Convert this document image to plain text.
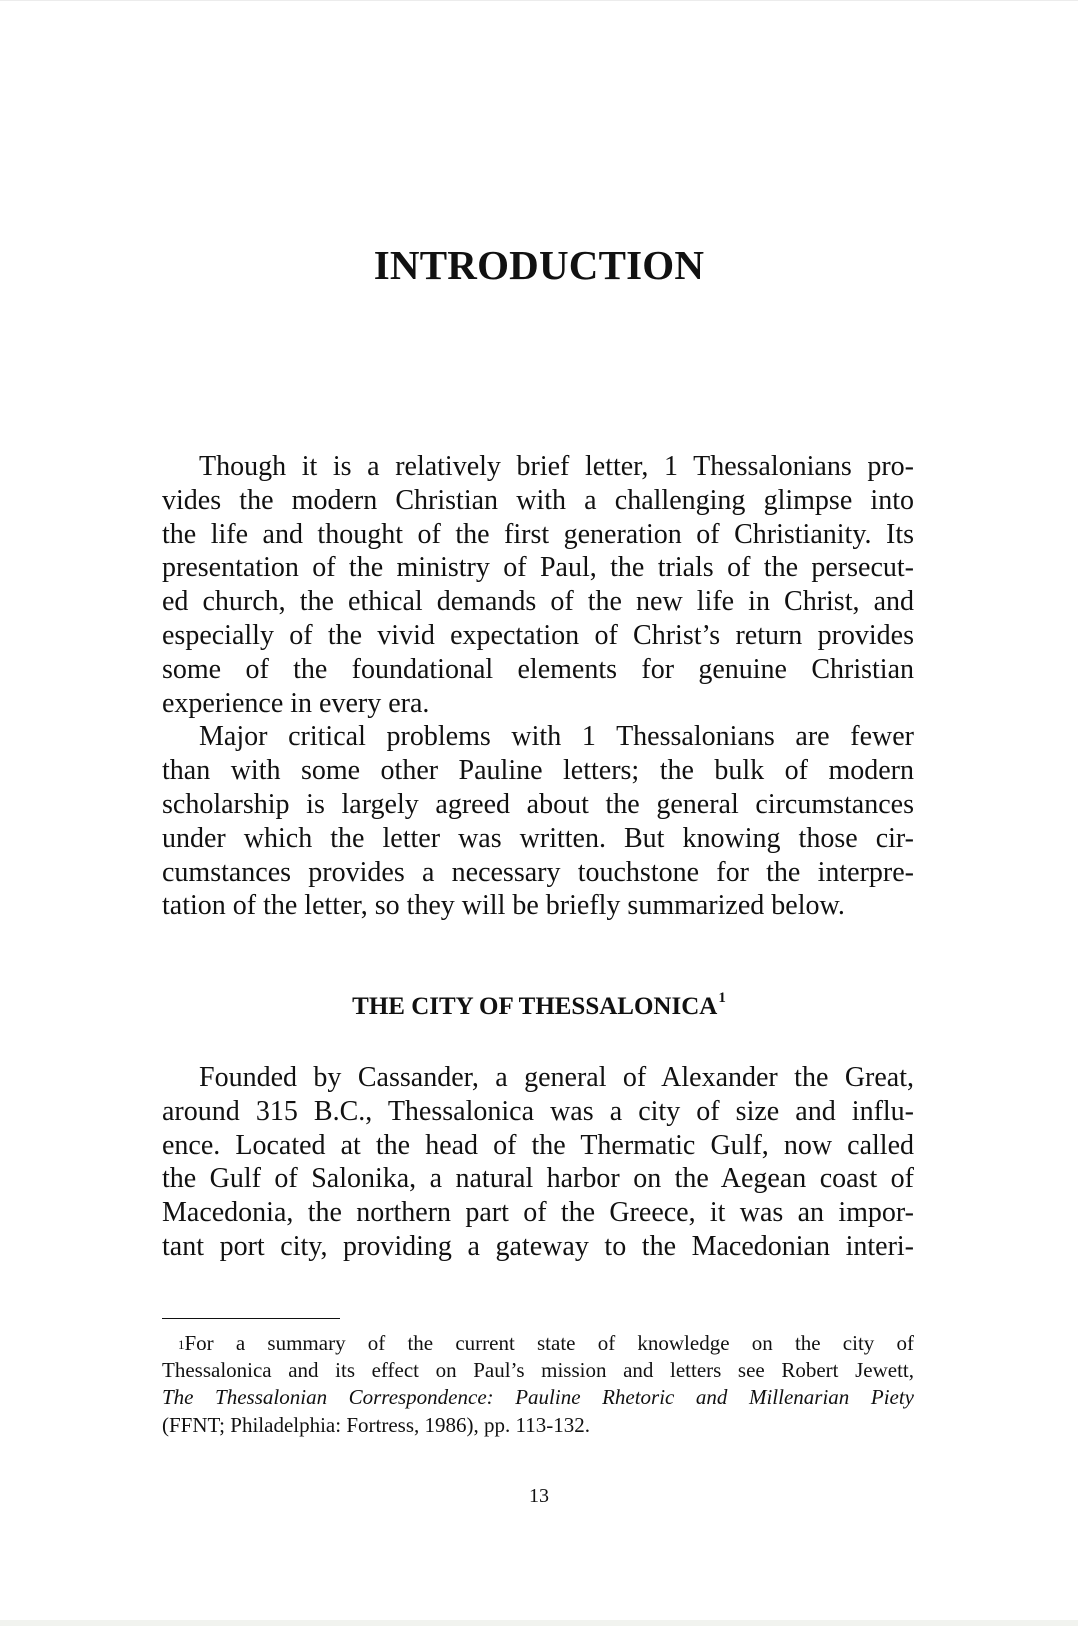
INTRODUCTION
Though it is a relatively brief letter, 1 Thessalonians pro-
vides the modern Christian with a challenging glimpse into
the life and thought of the first generation of Christianity. Its
presentation of the ministry of Paul, the trials of the persecut-
ed church, the ethical demands of the new life in Christ, and
especially of the vivid expectation of Christ’s return provides
some of the foundational elements for genuine Christian
experience in every era.
Major critical problems with 1 Thessalonians are fewer
than with some other Pauline letters; the bulk of modern
scholarship is largely agreed about the general circumstances
under which the letter was written. But knowing those cir-
cumstances provides a necessary touchstone for the interpre-
tation of the letter, so they will be briefly summarized below.
THE CITY OF THESSALONICA$^1$
Founded by Cassander, a general of Alexander the Great,
around 315 B.C., Thessalonica was a city of size and influ-
ence. Located at the head of the Thermatic Gulf, now called
the Gulf of Salonika, a natural harbor on the Aegean coast of
Macedonia, the northern part of the Greece, it was an impor-
tant port city, providing a gateway to the Macedonian interi-
$^1$For a summary of the current state of knowledge on the city of
Thessalonica and its effect on Paul’s mission and letters see Robert Jewett,
The Thessalonian Correspondence: Pauline Rhetoric and Millenarian Piety
(FFNT; Philadelphia: Fortress, 1986), pp. 113-132.
13
